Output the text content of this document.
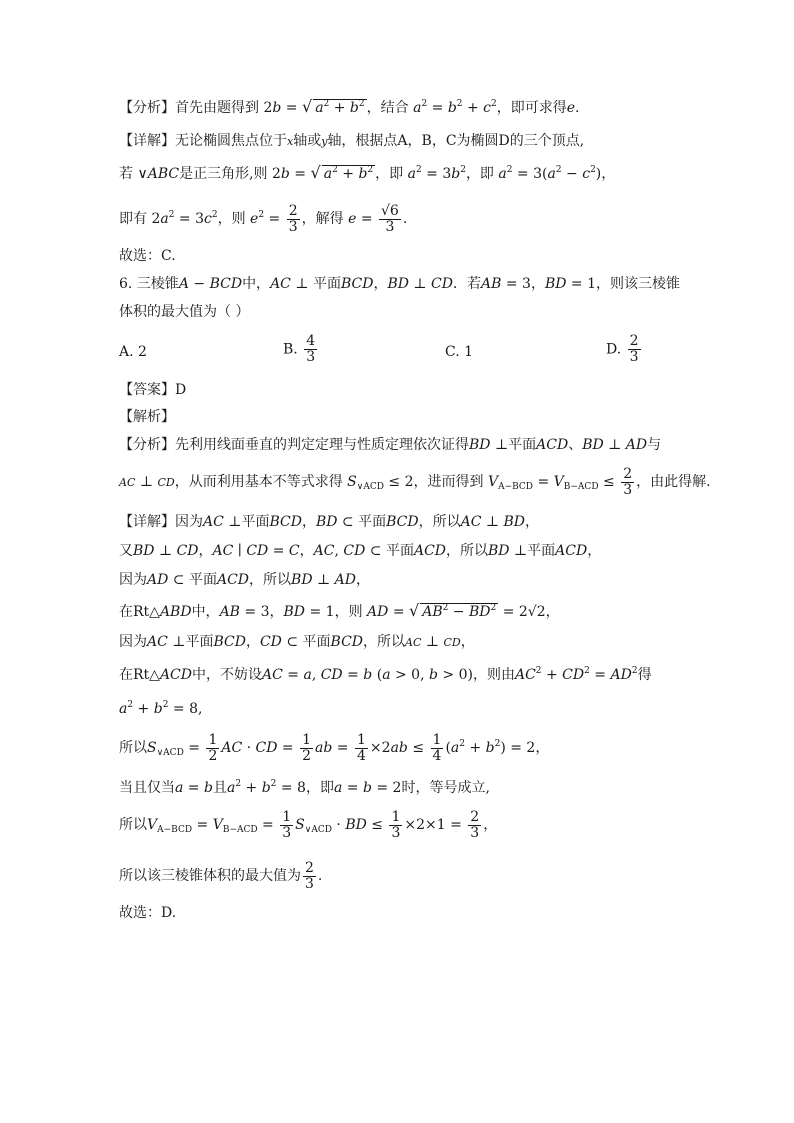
【分析】首先由题得到 2b = √ $a^2 + b^2$ ，结合 $a^2 = b^2 + c^2$，即可求得e.
【详解】无论椭圆焦点位于x轴或y轴，根据点A，B，C为椭圆D的三个顶点,
若 ∨ABC是正三角形,则 2b = √ $a^2 + b^2$ ，即 $a^2 = 3b^2$，即 $a^2 = 3(a^2 - c^2)$，
即有 $2a^2 = 3c^2$，则 $e^2 = \frac{2}{3}$ ，解得 $e = \frac{√6}{3}$ .
故选：C.
6. 三棱锥A − BCD中，AC ⊥ 平面BCD，BD ⊥ CD．若AB = 3，BD = 1，则该三棱锥
体积的最大值为（ ）
A. 2	B. $\frac{4}{3}$	C. 1	D. $\frac{2}{3}$
【答案】D
【解析】
【分析】先利用线面垂直的判定定理与性质定理依次证得BD ⊥平面ACD、BD ⊥ AD与
AC ⊥ CD，从而利用基本不等式求得 $S_{\vee ACD} \le 2$，进而得到 $V_{A-BCD} = V_{B-ACD} \le \frac{2}{3}$ ，由此得解.
【详解】因为AC ⊥平面BCD，BD ⊂ 平面BCD，所以AC ⊥ BD，
又BD ⊥ CD，AC ∣ CD = C，AC, CD ⊂ 平面ACD，所以BD ⊥平面ACD，
因为AD ⊂ 平面ACD，所以BD ⊥ AD，
在Rt△ABD中，AB = 3，BD = 1，则 AD = √ $AB^2 - BD^2 = 2√2$，
因为AC ⊥平面BCD，CD ⊂ 平面BCD，所以AC ⊥ CD，
在Rt△ACD中，不妨设AC = a, CD = b (a > 0, b > 0)，则由$AC^2 + CD^2 = AD^2$得
$a^2 + b^2 = 8$,
所以$S_{\vee ACD} = \frac{1}{2}$ AC · CD = $\frac{1}{2}$ ab = $\frac{1}{4} \times 2ab \le \frac{1}{4} (a^2 + b^2) = 2$，
当且仅当a = b且$a^2 + b^2 = 8$，即a = b = 2时，等号成立,
所以$V_{A-BCD} = V_{B-ACD} = \frac{1}{3} S_{\vee ACD}$ · BD ≤ $\frac{1}{3} \times 2\times 1 = \frac{2}{3}$ ，
所以该三棱锥体积的最大值为 $\frac{2}{3}$ .
故选：D.
